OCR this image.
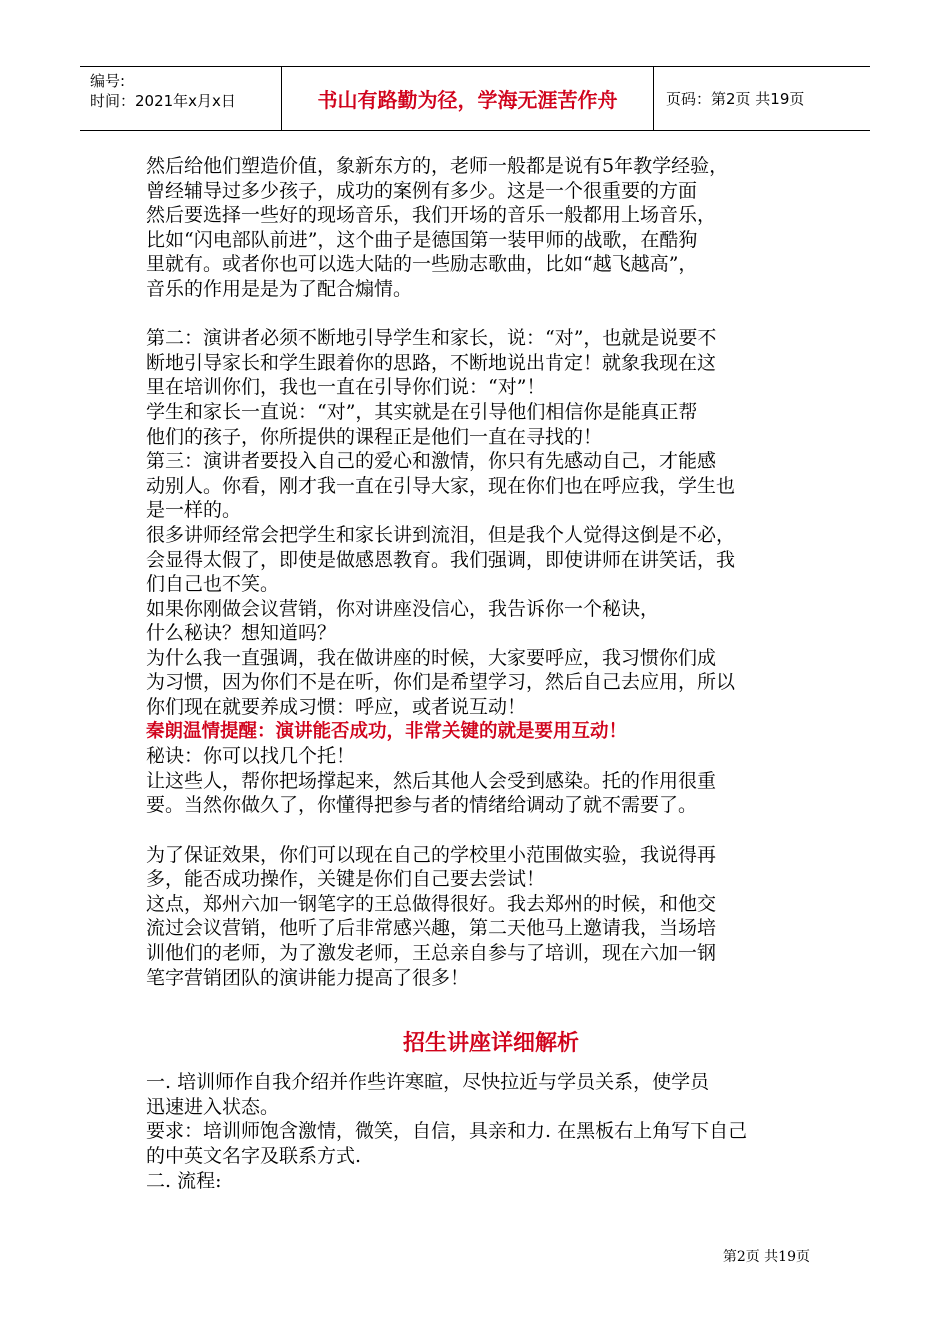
编号:
时间：2021年x月x日	书山有路勤为径，学海无涯苦作舟	页码：第2页 共19页
然后给他们塑造价值，象新东方的，老师一般都是说有5年教学经验，
曾经辅导过多少孩子，成功的案例有多少。这是一个很重要的方面
然后要选择一些好的现场音乐，我们开场的音乐一般都用上场音乐，
比如“闪电部队前进”，这个曲子是德国第一装甲师的战歌，在酷狗
里就有。或者你也可以选大陆的一些励志歌曲，比如“越飞越高”，
音乐的作用是是为了配合煽情。
第二：演讲者必须不断地引导学生和家长，说：“对”，也就是说要不
断地引导家长和学生跟着你的思路，不断地说出肯定！就象我现在这
里在培训你们，我也一直在引导你们说：“对”！
学生和家长一直说：“对”，其实就是在引导他们相信你是能真正帮
他们的孩子，你所提供的课程正是他们一直在寻找的！
第三：演讲者要投入自己的爱心和激情，你只有先感动自己，才能感
动别人。你看，刚才我一直在引导大家，现在你们也在呼应我，学生也
是一样的。
很多讲师经常会把学生和家长讲到流泪，但是我个人觉得这倒是不必，
会显得太假了，即使是做感恩教育。我们强调，即使讲师在讲笑话，我
们自己也不笑。
如果你刚做会议营销，你对讲座没信心，我告诉你一个秘诀，
什么秘诀？想知道吗？
为什么我一直强调，我在做讲座的时候，大家要呼应，我习惯你们成
为习惯，因为你们不是在听，你们是希望学习，然后自己去应用，所以
你们现在就要养成习惯：呼应，或者说互动！
秦朗温情提醒：演讲能否成功，非常关键的就是要用互动！
秘诀：你可以找几个托！
让这些人，帮你把场撑起来，然后其他人会受到感染。托的作用很重
要。当然你做久了，你懂得把参与者的情绪给调动了就不需要了。
为了保证效果，你们可以现在自己的学校里小范围做实验，我说得再
多，能否成功操作，关键是你们自己要去尝试！
这点，郑州六加一钢笔字的王总做得很好。我去郑州的时候，和他交
流过会议营销，他听了后非常感兴趣，第二天他马上邀请我，当场培
训他们的老师，为了激发老师，王总亲自参与了培训，现在六加一钢
笔字营销团队的演讲能力提高了很多！
招生讲座详细解析
一. 培训师作自我介绍并作些许寒暄，尽快拉近与学员关系，使学员
迅速进入状态。
要求：培训师饱含激情，微笑，自信，具亲和力. 在黑板右上角写下自己
的中英文名字及联系方式.
二. 流程:
第2页 共19页
